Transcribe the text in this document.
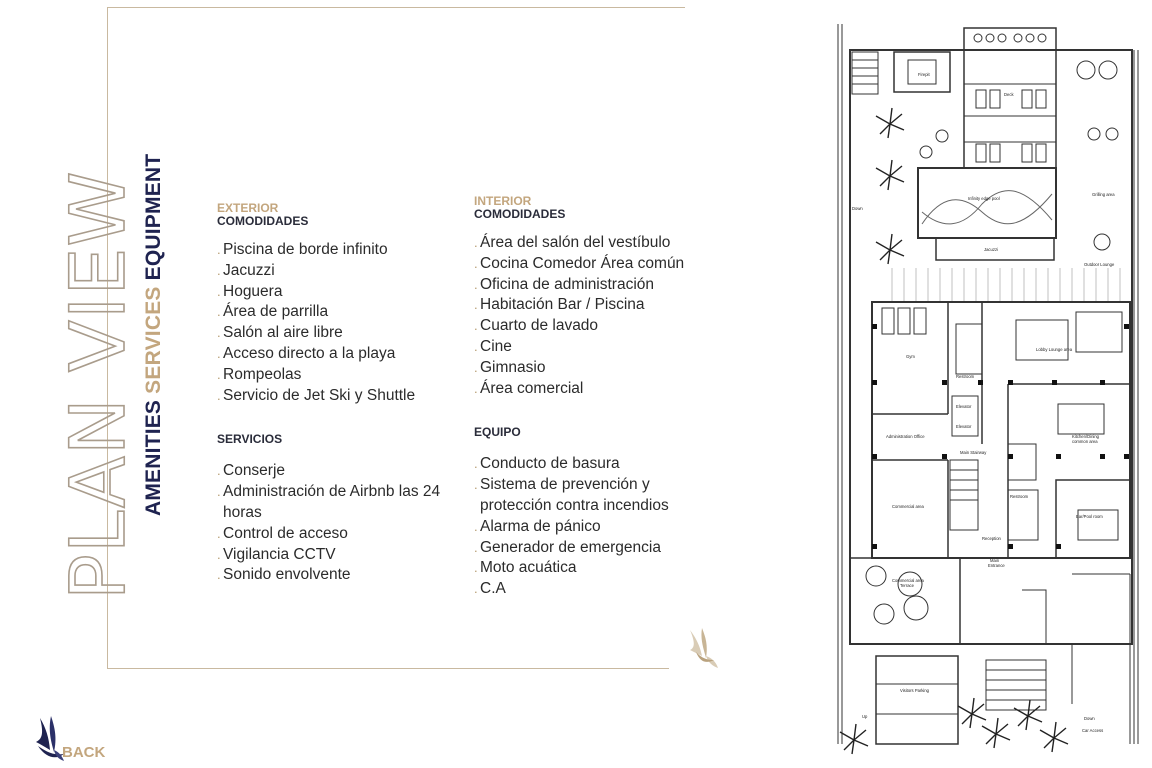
PLAN VIEW AMENITIES SERVICES EQUIPMENT	EXTERIOR
COMODIDADES
. Piscina de borde infinito
. Jacuzzi
. Hoguera
. Área de parrilla
. Salón al aire libre
. Acceso directo a la playa
. Rompeolas
. Servicio de Jet Ski y Shuttle
SERVICIOS
. Conserje
. Administración de Airbnb las 24 horas
. Control de acceso
. Vigilancia CCTV
. Sonido envolvente
INTERIOR
COMODIDADES
. Área del salón del vestíbulo
. Cocina Comedor Área común
. Oficina de administración
. Habitación Bar / Piscina
. Cuarto de lavado
. Cine
. Gimnasio
. Área comercial
EQUIPO
. Conducto de basura
. Sistema de prevención y protección contra incendios
. Alarma de pánico
. Generador de emergencia
. Moto acuática
. C.A
BACK
Firepit
Deck
Infinity edge pool
Jacuzzi
Grilling area
Outdoor Lounge
Down
Gym
Restroom
Lobby Lounge area
Elevator
Elevator
Administration Office	Kitchen/Dining
common area
Main Stairway
Commercial area
Restroom
Bar/Pool room
Reception
Main
Entrance
Commercial area
Terrace
Visitors Parking
Up	Down
Car Access
